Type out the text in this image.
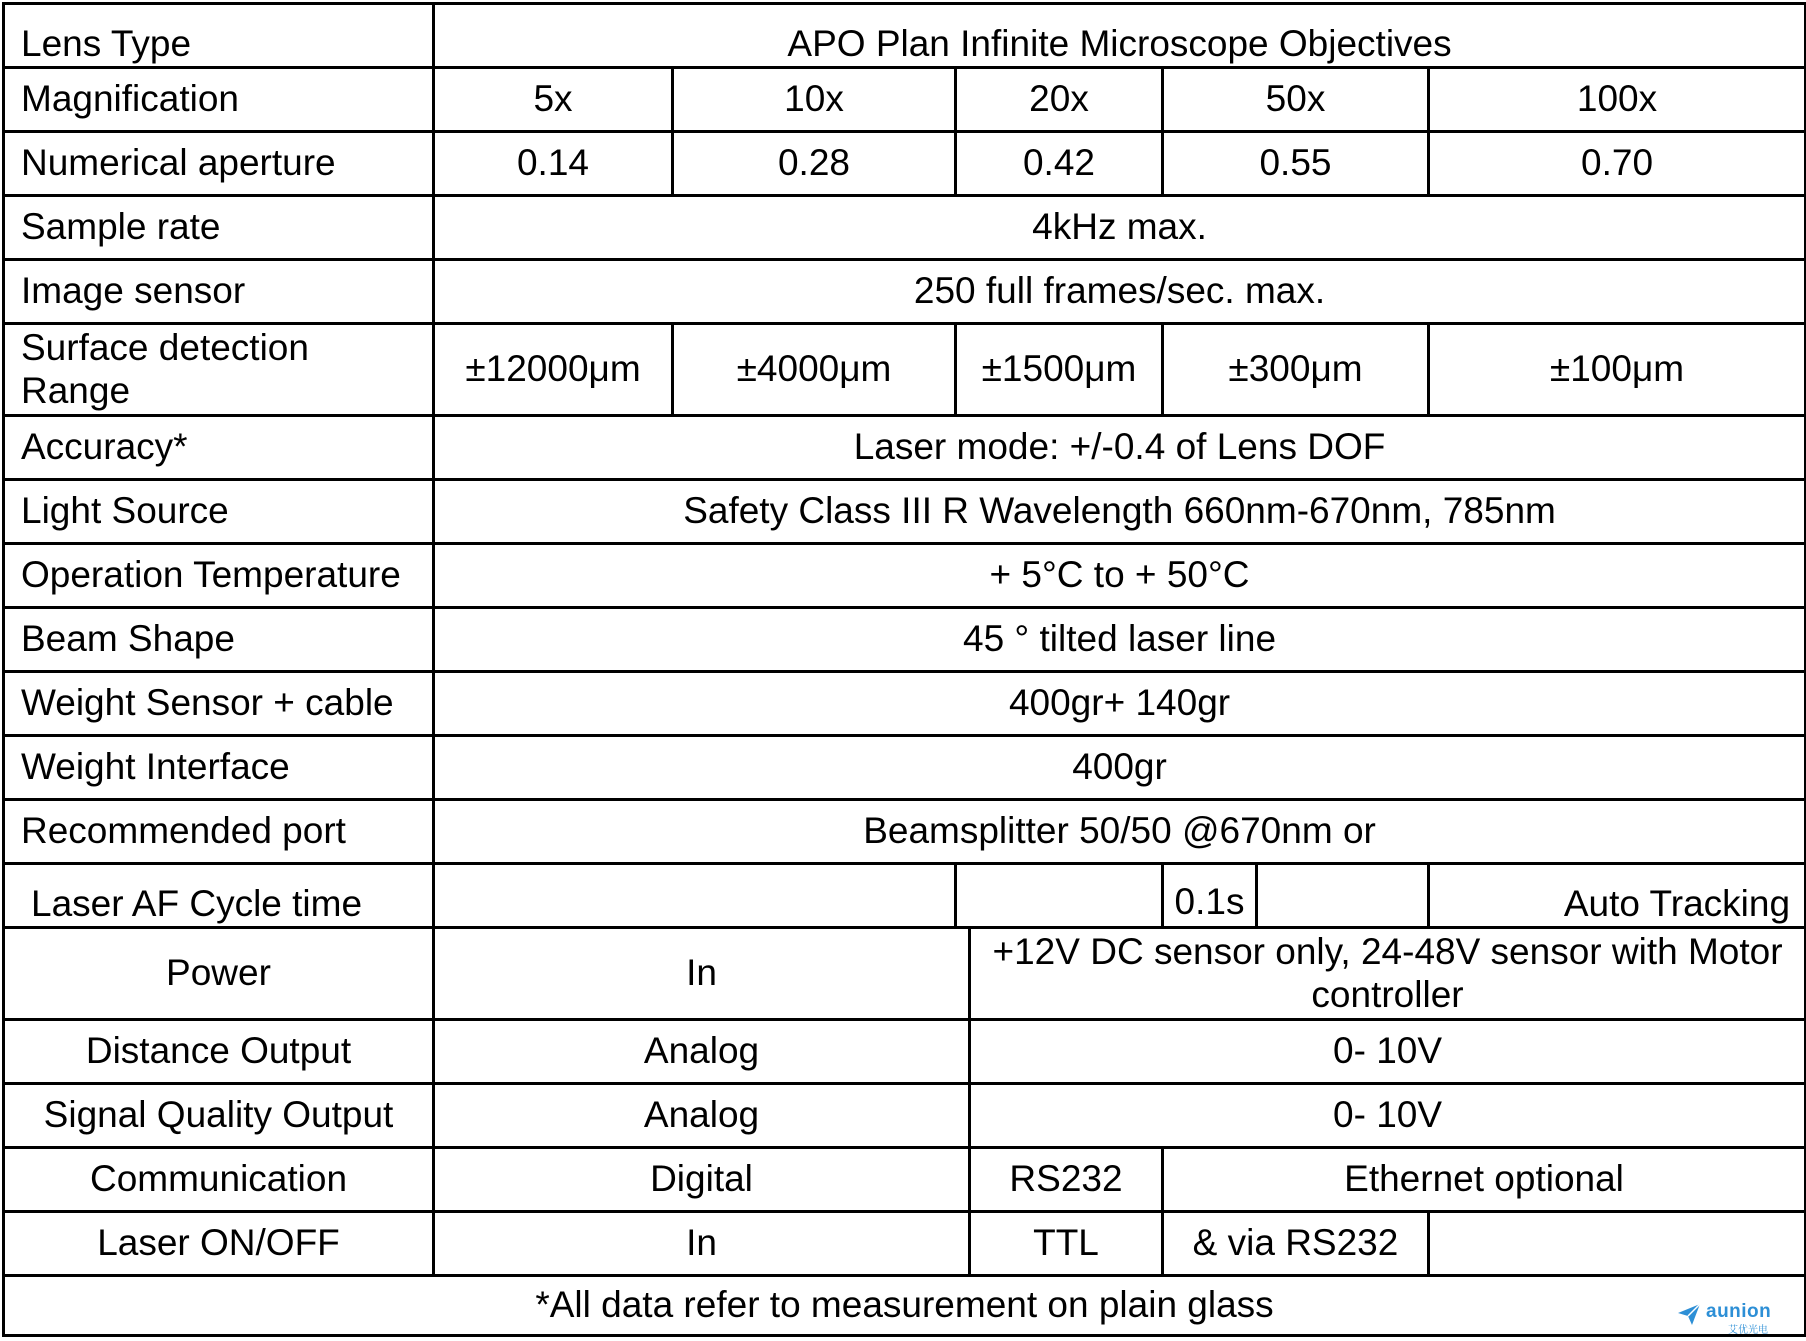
Lens Type	APO Plan Infinite Microscope Objectives						
Magnification	5x	10x	20x		50x		100x
Numerical aperture	0.14	0.28	0.42		0.55		0.70
Sample rate	4kHz max.						
Image sensor	250 full frames/sec. max.						
Surface detection Range	±12000μm	±4000μm	±1500μm		±300μm		±100μm
Accuracy*	Laser mode: +/-0.4 of Lens DOF						
Light Source	Safety Class III R Wavelength 660nm-670nm, 785nm						
Operation Temperature	+ 5°C to + 50°C						
Beam Shape	45 ° tilted laser line						
Weight Sensor + cable	400gr+ 140gr						
Weight Interface	400gr						
Recommended port	Beamsplitter 50/50 @670nm or						
Laser AF Cycle time					0.1s		Auto Tracking
Power	In			+12V DC sensor only, 24-48V sensor with Motor controller			
Distance Output	Analog			0- 10V			
Signal Quality Output	Analog			0- 10V			
Communication	Digital			RS232	Ethernet optional		
Laser ON/OFF	In			TTL	& via RS232		
*All data refer to measurement on plain glass								aunion
艾优光电
